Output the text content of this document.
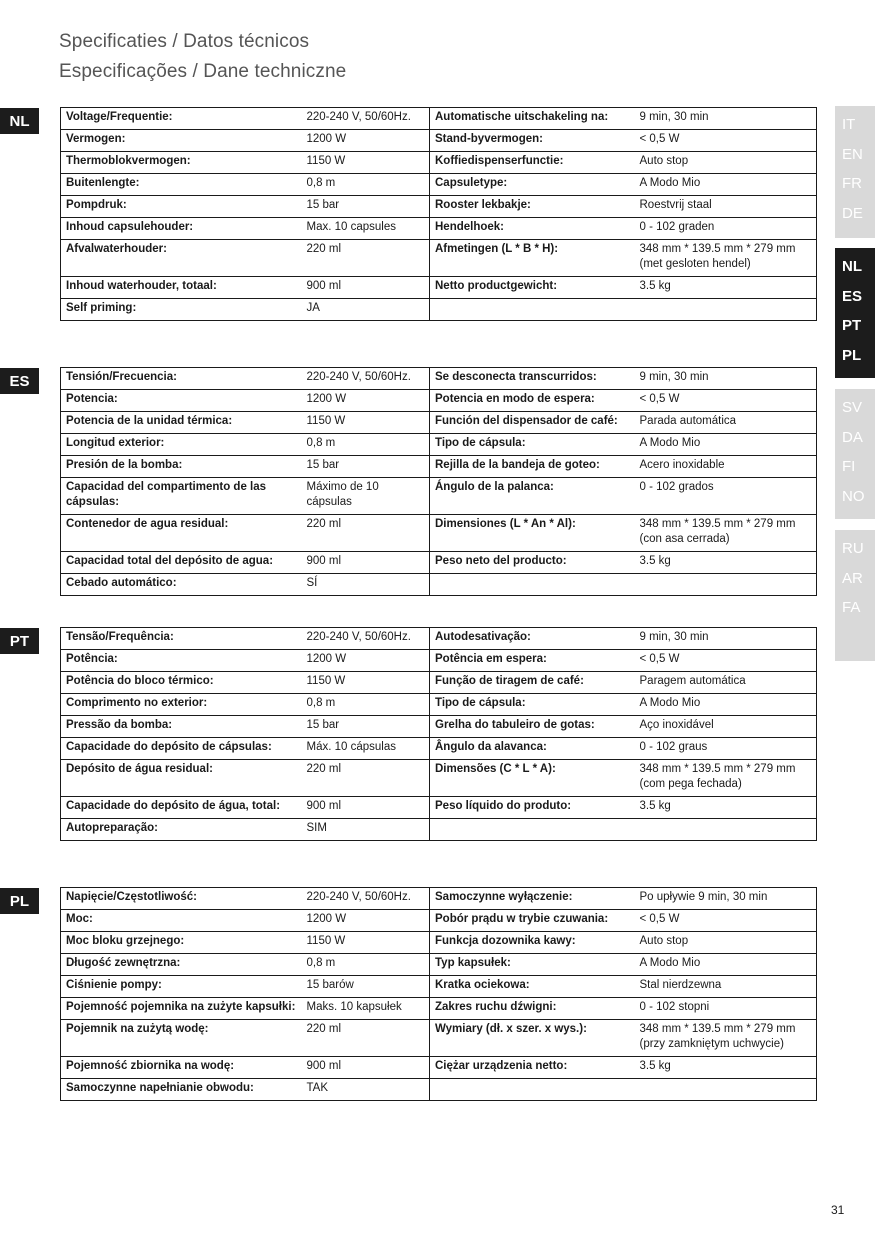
Specificaties / Datos técnicos
Especificações / Dane techniczne
NL
ES
PT
PL
Voltage/Frequentie:	220-240 V, 50/60Hz.	Automatische uitschakeling na:	9 min, 30 min
Vermogen:	1200 W	Stand-byvermogen:	< 0,5 W
Thermoblokvermogen:	1150 W	Koffiedispenserfunctie:	Auto stop
Buitenlengte:	0,8 m	Capsuletype:	A Modo Mio
Pompdruk:	15 bar	Rooster lekbakje:	Roestvrij staal
Inhoud capsulehouder:	Max. 10 capsules	Hendelhoek:	0 - 102 graden
Afvalwaterhouder:	220 ml	Afmetingen (L * B * H):	348 mm * 139.5 mm * 279 mm (met gesloten hendel)
Inhoud waterhouder, totaal:	900 ml	Netto productgewicht:	3.5 kg
Self priming:	JA		
Tensión/Frecuencia:	220-240 V, 50/60Hz.	Se desconecta transcurridos:	9 min, 30 min
Potencia:	1200 W	Potencia en modo de espera:	< 0,5 W
Potencia de la unidad térmica:	1150 W	Función del dispensador de café:	Parada automática
Longitud exterior:	0,8 m	Tipo de cápsula:	A Modo Mio
Presión de la bomba:	15 bar	Rejilla de la bandeja de goteo:	Acero inoxidable
Capacidad del compartimento de las cápsulas:	Máximo de 10 cápsulas	Ángulo de la palanca:	0 - 102 grados
Contenedor de agua residual:	220 ml	Dimensiones (L * An * Al):	348 mm * 139.5 mm * 279 mm (con asa cerrada)
Capacidad total del depósito de agua:	900 ml	Peso neto del producto:	3.5 kg
Cebado automático:	SÍ		
Tensão/Frequência:	220-240 V, 50/60Hz.	Autodesativação:	9 min, 30 min
Potência:	1200 W	Potência em espera:	< 0,5 W
Potência do bloco térmico:	1150 W	Função de tiragem de café:	Paragem automática
Comprimento no exterior:	0,8 m	Tipo de cápsula:	A Modo Mio
Pressão da bomba:	15 bar	Grelha do tabuleiro de gotas:	Aço inoxidável
Capacidade do depósito de cápsulas:	Máx. 10 cápsulas	Ângulo da alavanca:	0 - 102 graus
Depósito de água residual:	220 ml	Dimensões (C * L * A):	348 mm * 139.5 mm * 279 mm (com pega fechada)
Capacidade do depósito de água, total:	900 ml	Peso líquido do produto:	3.5 kg
Autopreparação:	SIM		
Napięcie/Częstotliwość:	220-240 V, 50/60Hz.	Samoczynne wyłączenie:	Po upływie 9 min, 30 min
Moc:	1200 W	Pobór prądu w trybie czuwania:	< 0,5 W
Moc bloku grzejnego:	1150 W	Funkcja dozownika kawy:	Auto stop
Długość zewnętrzna:	0,8 m	Typ kapsułek:	A Modo Mio
Ciśnienie pompy:	15 barów	Kratka ociekowa:	Stal nierdzewna
Pojemność pojemnika na zużyte kapsułki:	Maks. 10 kapsułek	Zakres ruchu dźwigni:	0 - 102 stopni
Pojemnik na zużytą wodę:	220 ml	Wymiary (dł. x szer. x wys.):	348 mm * 139.5 mm * 279 mm (przy zamkniętym uchwycie)
Pojemność zbiornika na wodę:	900 ml	Ciężar urządzenia netto:	3.5 kg
Samoczynne napełnianie obwodu:	TAK		
IT
EN
FR
DE
NL
ES
PT
PL
SV
DA
FI
NO
RU
AR
FA
31
